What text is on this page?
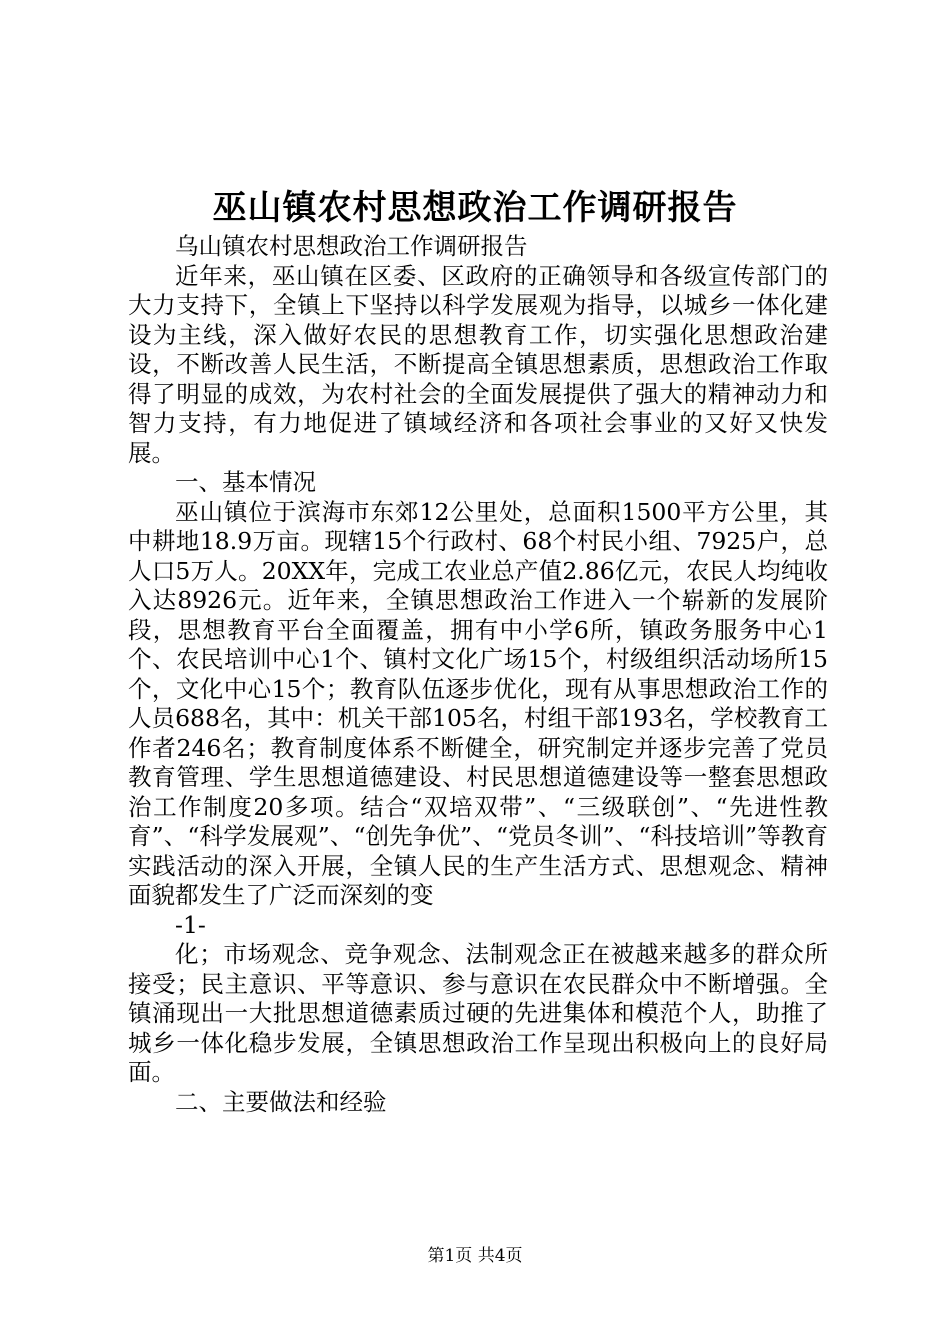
巫山镇农村思想政治工作调研报告

乌山镇农村思想政治工作调研报告

近年来，巫山镇在区委、区政府的正确领导和各级宣传部门的大力支持下，全镇上下坚持以科学发展观为指导，以城乡一体化建设为主线，深入做好农民的思想教育工作，切实强化思想政治建设，不断改善人民生活，不断提高全镇思想素质，思想政治工作取得了明显的成效，为农村社会的全面发展提供了强大的精神动力和智力支持，有力地促进了镇域经济和各项社会事业的又好又快发展。

一、基本情况

巫山镇位于滨海市东郊12公里处，总面积1500平方公里，其中耕地18.9万亩。现辖15个行政村、68个村民小组、7925户，总人口5万人。20XX年，完成工农业总产值2.86亿元，农民人均纯收入达8926元。近年来，全镇思想政治工作进入一个崭新的发展阶段，思想教育平台全面覆盖，拥有中小学6所，镇政务服务中心1个、农民培训中心1个、镇村文化广场15个，村级组织活动场所15个，文化中心15个；教育队伍逐步优化，现有从事思想政治工作的人员688名，其中：机关干部105名，村组干部193名，学校教育工作者246名；教育制度体系不断健全，研究制定并逐步完善了党员教育管理、学生思想道德建设、村民思想道德建设等一整套思想政治工作制度20多项。结合“双培双带”、“三级联创”、“先进性教育”、“科学发展观”、“创先争优”、“党员冬训”、“科技培训”等教育实践活动的深入开展，全镇人民的生产生活方式、思想观念、精神面貌都发生了广泛而深刻的变

-1-

化；市场观念、竞争观念、法制观念正在被越来越多的群众所接受；民主意识、平等意识、参与意识在农民群众中不断增强。全镇涌现出一大批思想道德素质过硬的先进集体和模范个人，助推了城乡一体化稳步发展，全镇思想政治工作呈现出积极向上的良好局面。

二、主要做法和经验

第1页 共4页
